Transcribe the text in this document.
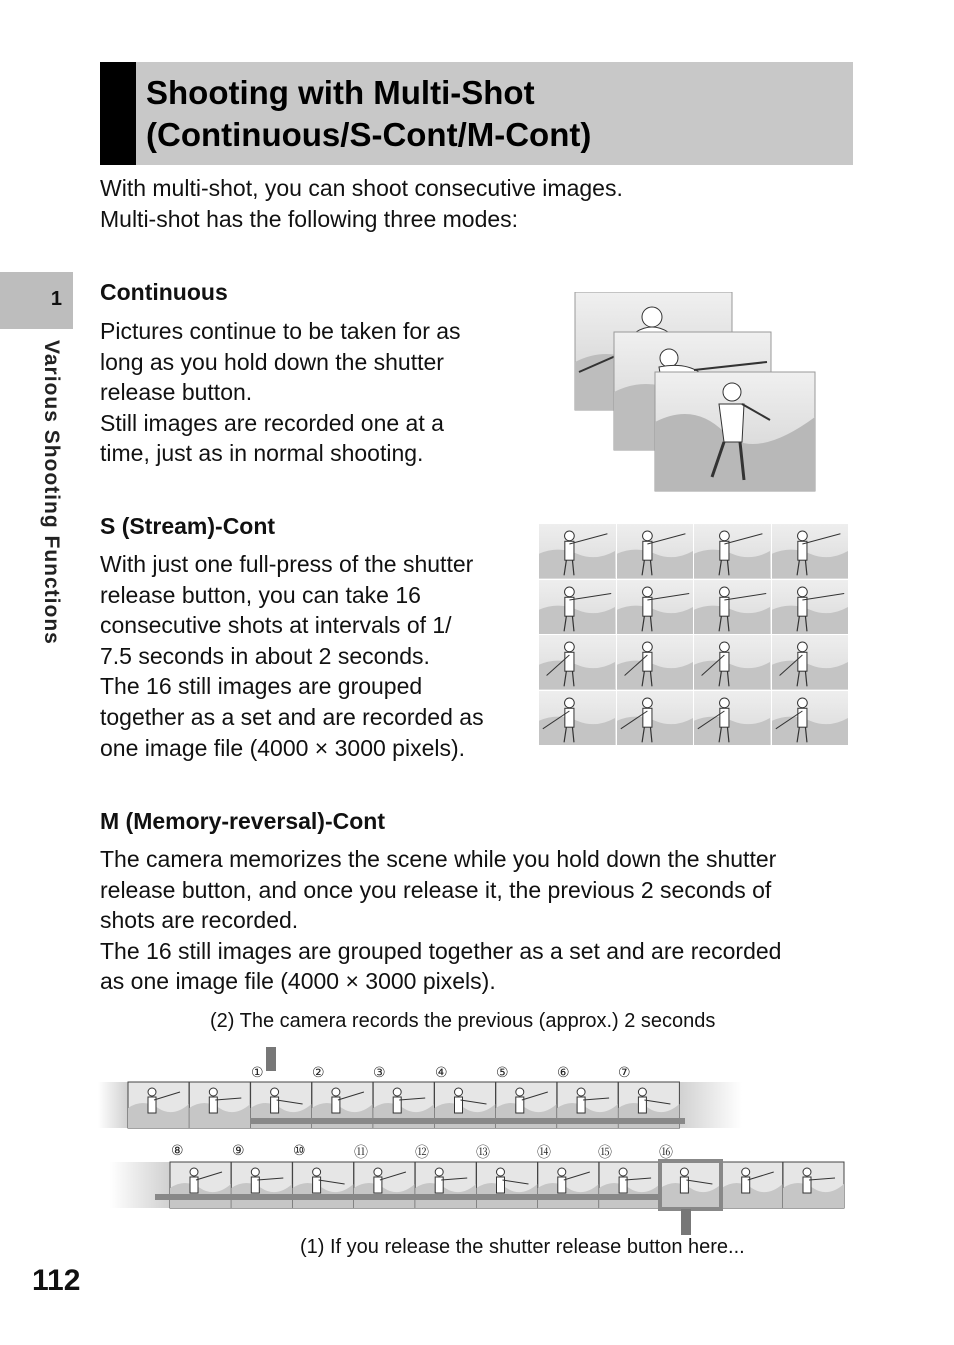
Shooting with Multi-Shot
(Continuous/S-Cont/M-Cont)
With multi-shot, you can shoot consecutive images.
Multi-shot has the following three modes:
1
Various Shooting Functions
Continuous
Pictures continue to be taken for as
long as you hold down the shutter
release button.
Still images are recorded one at a
time, just as in normal shooting.
S (Stream)-Cont
With just one full-press of the shutter
release button, you can take 16
consecutive shots at intervals of 1/
7.5 seconds in about 2 seconds.
The 16 still images are grouped
together as a set and are recorded as
one image file (4000 × 3000 pixels).
M (Memory-reversal)-Cont
The camera memorizes the scene while you hold down the shutter
release button, and once you release it, the previous 2 seconds of
shots are recorded.
The 16 still images are grouped together as a set and are recorded
as one image file (4000 × 3000 pixels).
(2) The camera records the previous (approx.) 2 seconds
①	②	③	④	⑤	⑥	⑦
⑧	⑨	⑩	⑪	⑫	⑬	⑭	⑮	⑯
(1) If you release the shutter release button here...
112
